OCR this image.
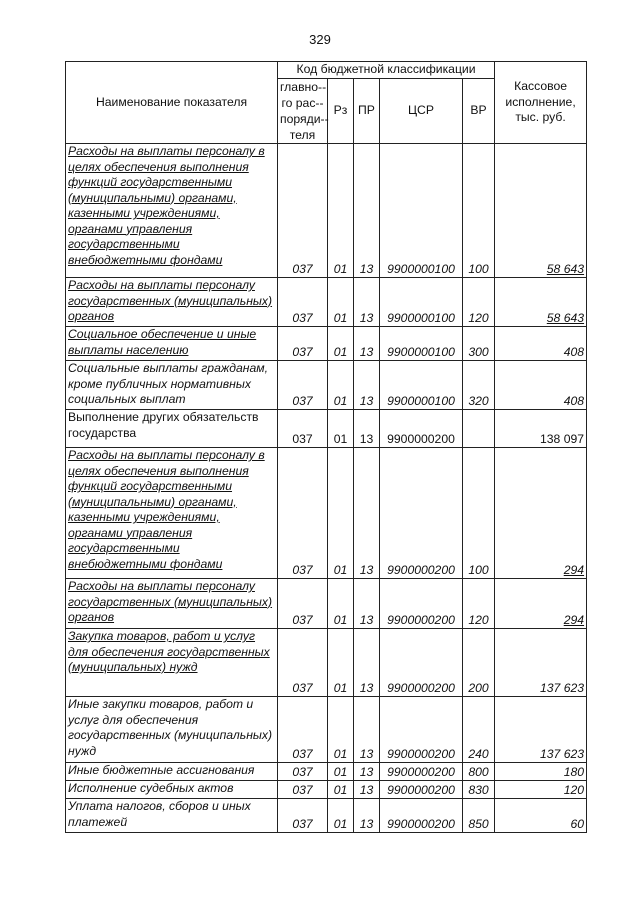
329
Наименование показателя	Код бюджетной классификации					Кассовое исполнение, тыс. руб.
	главно-го рас-поряди-теля	Рз	ПР	ЦСР	ВР	
Расходы на выплаты персоналу в целях обеспечения выполнения функций государственными (муниципальными) органами, казенными учреждениями, органами управления государственными внебюджетными фондами	037	01	13	9900000100	100	58 643
Расходы на выплаты персоналу государственных (муниципальных) органов	037	01	13	9900000100	120	58 643
Социальное обеспечение и иные выплаты населению	037	01	13	9900000100	300	408
Социальные выплаты гражданам, кроме публичных нормативных социальных выплат	037	01	13	9900000100	320	408
Выполнение других обязательств государства	037	01	13	9900000200		138 097
Расходы на выплаты персоналу в целях обеспечения выполнения функций государственными (муниципальными) органами, казенными учреждениями, органами управления государственными внебюджетными фондами	037	01	13	9900000200	100	294
Расходы на выплаты персоналу государственных (муниципальных) органов	037	01	13	9900000200	120	294
Закупка товаров, работ и услуг для обеспечения государственных (муниципальных) нужд	037	01	13	9900000200	200	137 623
Иные закупки товаров, работ и услуг для обеспечения государственных (муниципальных) нужд	037	01	13	9900000200	240	137 623
Иные бюджетные ассигнования	037	01	13	9900000200	800	180
Исполнение судебных актов	037	01	13	9900000200	830	120
Уплата налогов, сборов и иных платежей	037	01	13	9900000200	850	60
